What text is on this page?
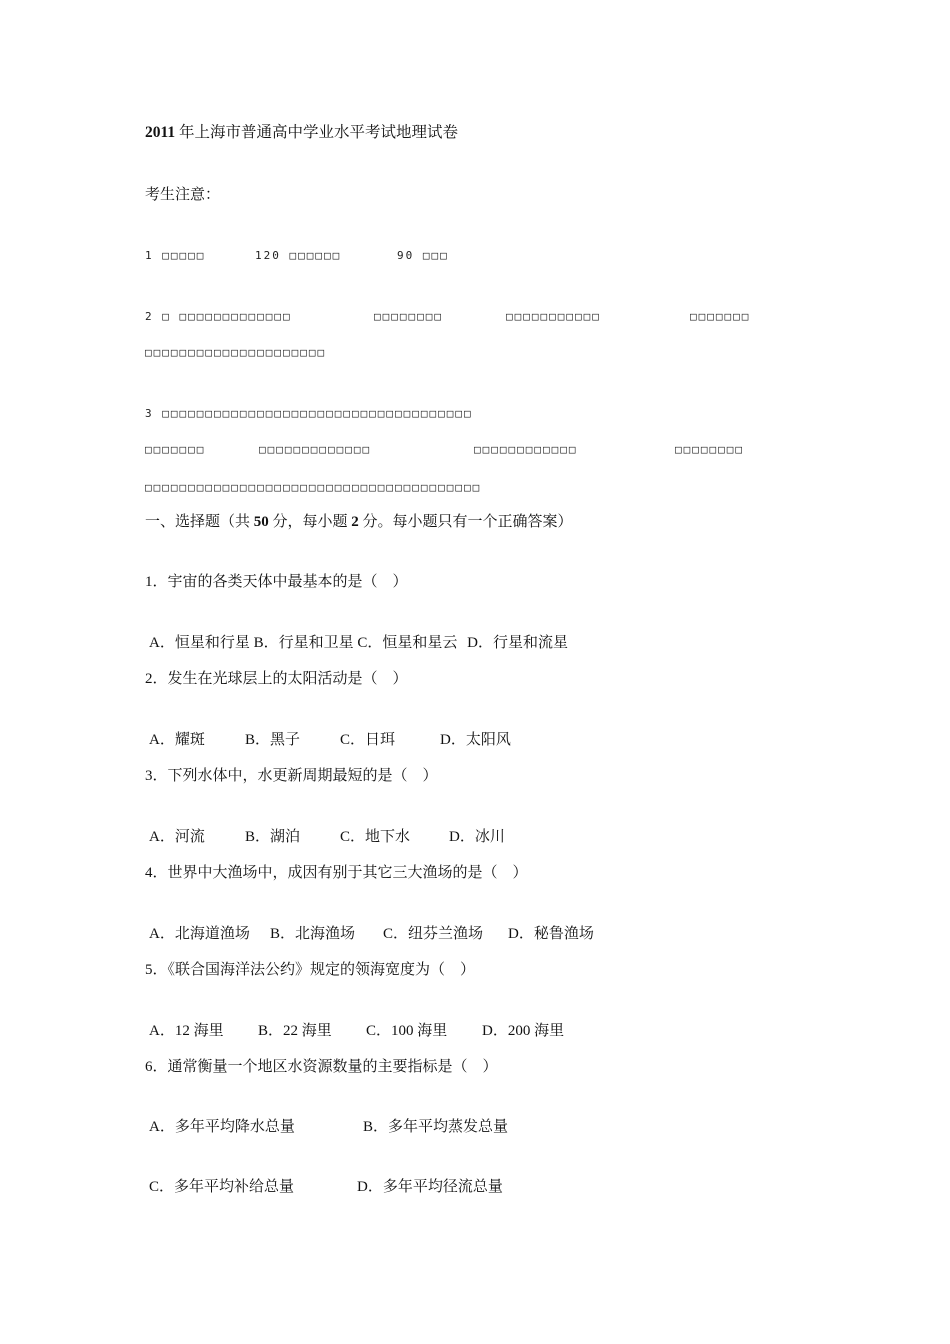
2011 年上海市普通高中学业水平考试地理试卷
考生注意：
1 □□□□□	120 □□□□□□	90 □□□
2 □ □□□□□□□□□□□□□	□□□□□□□□	□□□□□□□□□□□	□□□□□□□
□□□□□□□□□□□□□□□□□□□□□
3 □□□□□□□□□□□□□□□□□□□□□□□□□□□□□□□□□□□□
□□□□□□□	□□□□□□□□□□□□□	□□□□□□□□□□□□	□□□□□□□□
□□□□□□□□□□□□□□□□□□□□□□□□□□□□□□□□□□□□□□□
一、选择题（共 50 分，每小题 2 分。每小题只有一个正确答案）
1．宇宙的各类天体中最基本的是（　）
A．恒星和行星 B．行星和卫星 C．恒星和星云 D．行星和流星
2．发生在光球层上的太阳活动是（　）
A．耀斑	B．黑子	C．日珥	D．太阳风
3．下列水体中，水更新周期最短的是（　）
A．河流	B．湖泊	C．地下水	D．冰川
4．世界中大渔场中，成因有别于其它三大渔场的是（　）
A．北海道渔场 B．北海渔场 C．纽芬兰渔场 D．秘鲁渔场
5．《联合国海洋法公约》规定的领海宽度为（　）
A．12 海里 B．22 海里 C．100 海里 D．200 海里
6．通常衡量一个地区水资源数量的主要指标是（　）
A．多年平均降水总量	B．多年平均蒸发总量
C．多年平均补给总量	D．多年平均径流总量
